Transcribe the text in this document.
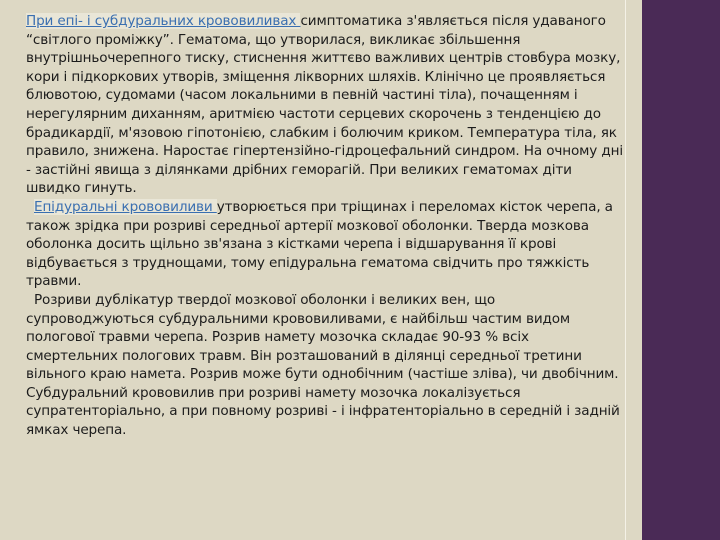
При епі- і субдуральних крововиливах симптоматика з'являється після удаваного “світлого проміжку”. Гематома, що утворилася, викликає збільшення внутрішньочерепного тиску, стиснення життєво важливих центрів стовбура мозку, кори і підкоркових утворів, зміщення ліквoрних шляхів. Клінічно це проявляється блювотою, судомами (часом локальними в певній частині тіла), почащенням і нерегулярним диханням, аритмією частоти серцевих скорочень з тенденцією до брадикардії, м'язовою гіпотонією, слабким і болючим криком. Температура тіла, як правило, знижена. Наростає гіпертензійно-гідроцефальний синдром. На очному дні - застійні явища з ділянками дрібних геморагій. При великих гематомах діти швидко гинуть.

Епідуральні крововиливи утворюється при тріщинах і переломах кісток черепа, а також зрідка при розриві середньої артерії мозкової оболонки. Тверда мозкова оболонка досить щільно зв'язана з кістками черепа і відшарування її крові відбувається з труднощами, тому епідуральна гематома свідчить про тяжкість травми.

Розриви дублікатур твердої мозкової оболонки і великих вен, що супроводжуються субдуральними крововиливами, є найбільш частим видом пологової травми черепа. Розрив намету мозочка складає 90-93 % всіх смертельних пологових травм. Він розташований в ділянці середньої третини вільного краю намета. Розрив може бути однобічним (частіше зліва), чи двобічним. Субдуральний крововилив при розриві намету мозочка локалізується супратенторіально, а при повному розриві - і інфратенторіально в середній і задній ямках черепа.
